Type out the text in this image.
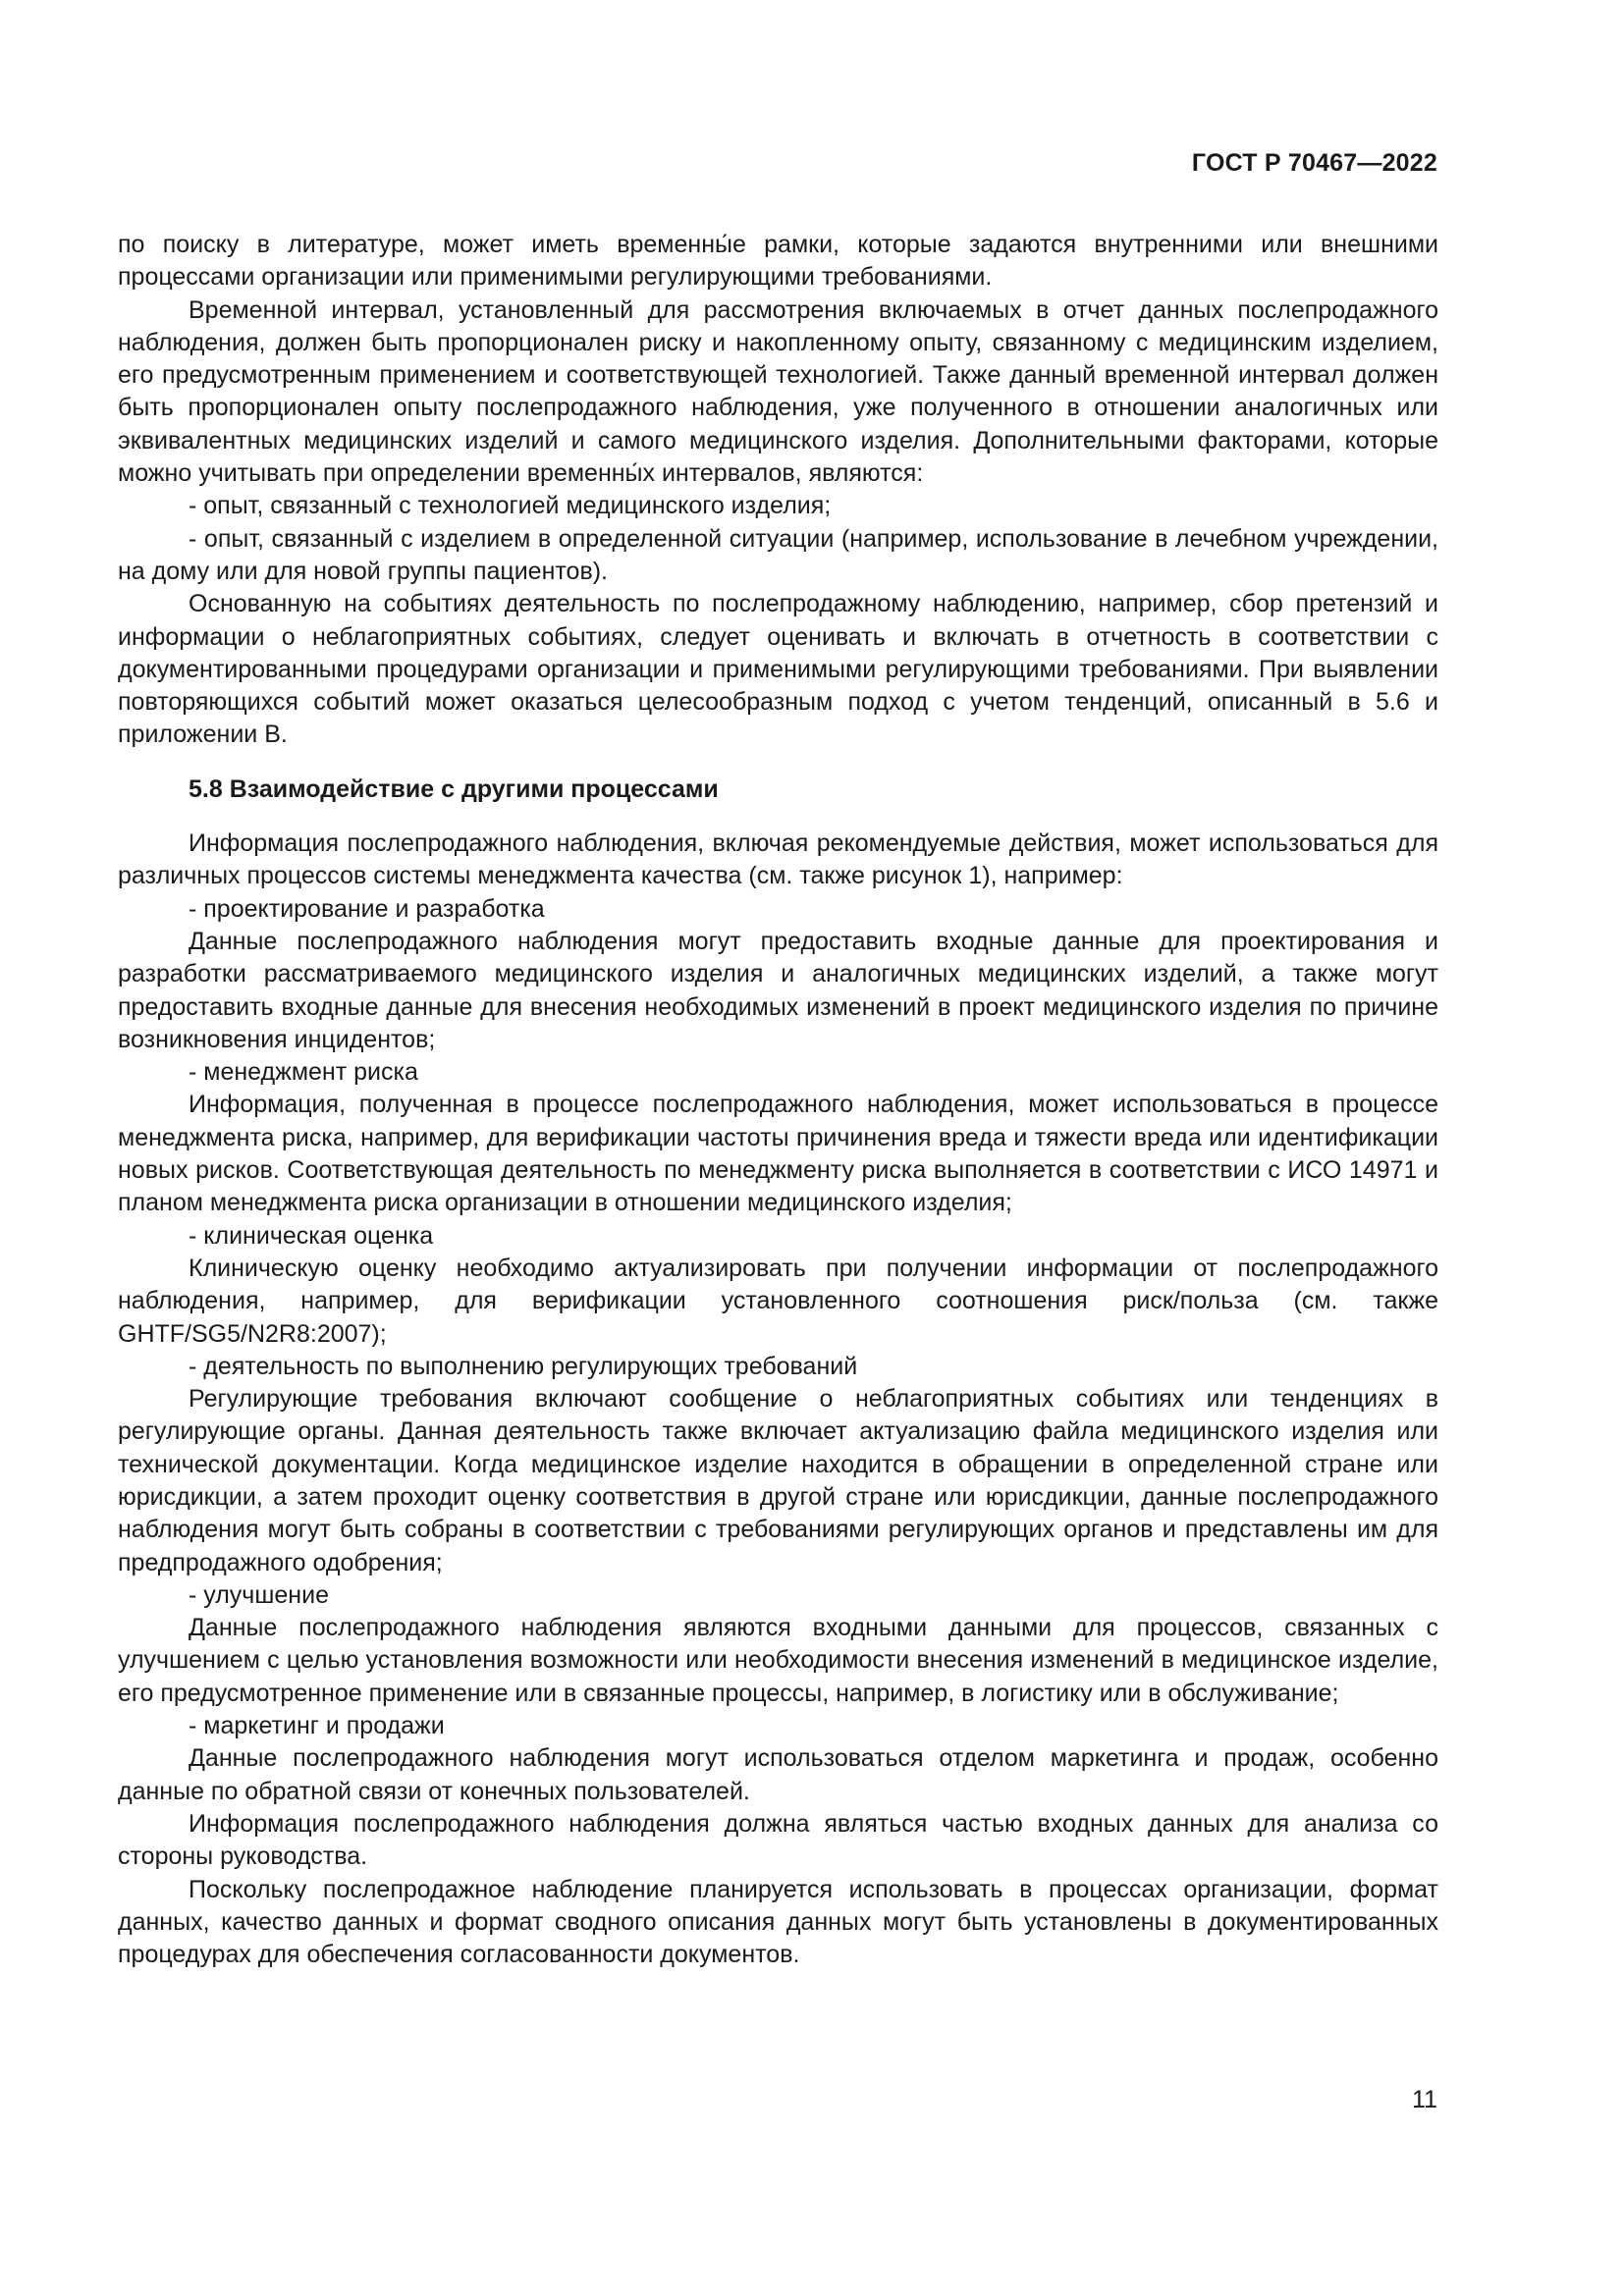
ГОСТ Р 70467—2022

по поиску в литературе, может иметь временны́е рамки, которые задаются внутренними или внешними процессами организации или применимыми регулирующими требованиями.

Временной интервал, установленный для рассмотрения включаемых в отчет данных послепродажного наблюдения, должен быть пропорционален риску и накопленному опыту, связанному с медицинским изделием, его предусмотренным применением и соответствующей технологией. Также данный временной интервал должен быть пропорционален опыту послепродажного наблюдения, уже полученного в отношении аналогичных или эквивалентных медицинских изделий и самого медицинского изделия. Дополнительными факторами, которые можно учитывать при определении временны́х интервалов, являются:

- опыт, связанный с технологией медицинского изделия;

- опыт, связанный с изделием в определенной ситуации (например, использование в лечебном учреждении, на дому или для новой группы пациентов).

Основанную на событиях деятельность по послепродажному наблюдению, например, сбор претензий и информации о неблагоприятных событиях, следует оценивать и включать в отчетность в соответствии с документированными процедурами организации и применимыми регулирующими требованиями. При выявлении повторяющихся событий может оказаться целесообразным подход с учетом тенденций, описанный в 5.6 и приложении В.

5.8 Взаимодействие с другими процессами

Информация послепродажного наблюдения, включая рекомендуемые действия, может использоваться для различных процессов системы менеджмента качества (см. также рисунок 1), например:

- проектирование и разработка

Данные послепродажного наблюдения могут предоставить входные данные для проектирования и разработки рассматриваемого медицинского изделия и аналогичных медицинских изделий, а также могут предоставить входные данные для внесения необходимых изменений в проект медицинского изделия по причине возникновения инцидентов;

- менеджмент риска

Информация, полученная в процессе послепродажного наблюдения, может использоваться в процессе менеджмента риска, например, для верификации частоты причинения вреда и тяжести вреда или идентификации новых рисков. Соответствующая деятельность по менеджменту риска выполняется в соответствии с ИСО 14971 и планом менеджмента риска организации в отношении медицинского изделия;

- клиническая оценка

Клиническую оценку необходимо актуализировать при получении информации от послепродажного наблюдения, например, для верификации установленного соотношения риск/польза (см. также GHTF/SG5/N2R8:2007);

- деятельность по выполнению регулирующих требований

Регулирующие требования включают сообщение о неблагоприятных событиях или тенденциях в регулирующие органы. Данная деятельность также включает актуализацию файла медицинского изделия или технической документации. Когда медицинское изделие находится в обращении в определенной стране или юрисдикции, а затем проходит оценку соответствия в другой стране или юрисдикции, данные послепродажного наблюдения могут быть собраны в соответствии с требованиями регулирующих органов и представлены им для предпродажного одобрения;

- улучшение

Данные послепродажного наблюдения являются входными данными для процессов, связанных с улучшением с целью установления возможности или необходимости внесения изменений в медицинское изделие, его предусмотренное применение или в связанные процессы, например, в логистику или в обслуживание;

- маркетинг и продажи

Данные послепродажного наблюдения могут использоваться отделом маркетинга и продаж, особенно данные по обратной связи от конечных пользователей.

Информация послепродажного наблюдения должна являться частью входных данных для анализа со стороны руководства.

Поскольку послепродажное наблюдение планируется использовать в процессах организации, формат данных, качество данных и формат сводного описания данных могут быть установлены в документированных процедурах для обеспечения согласованности документов.

11
